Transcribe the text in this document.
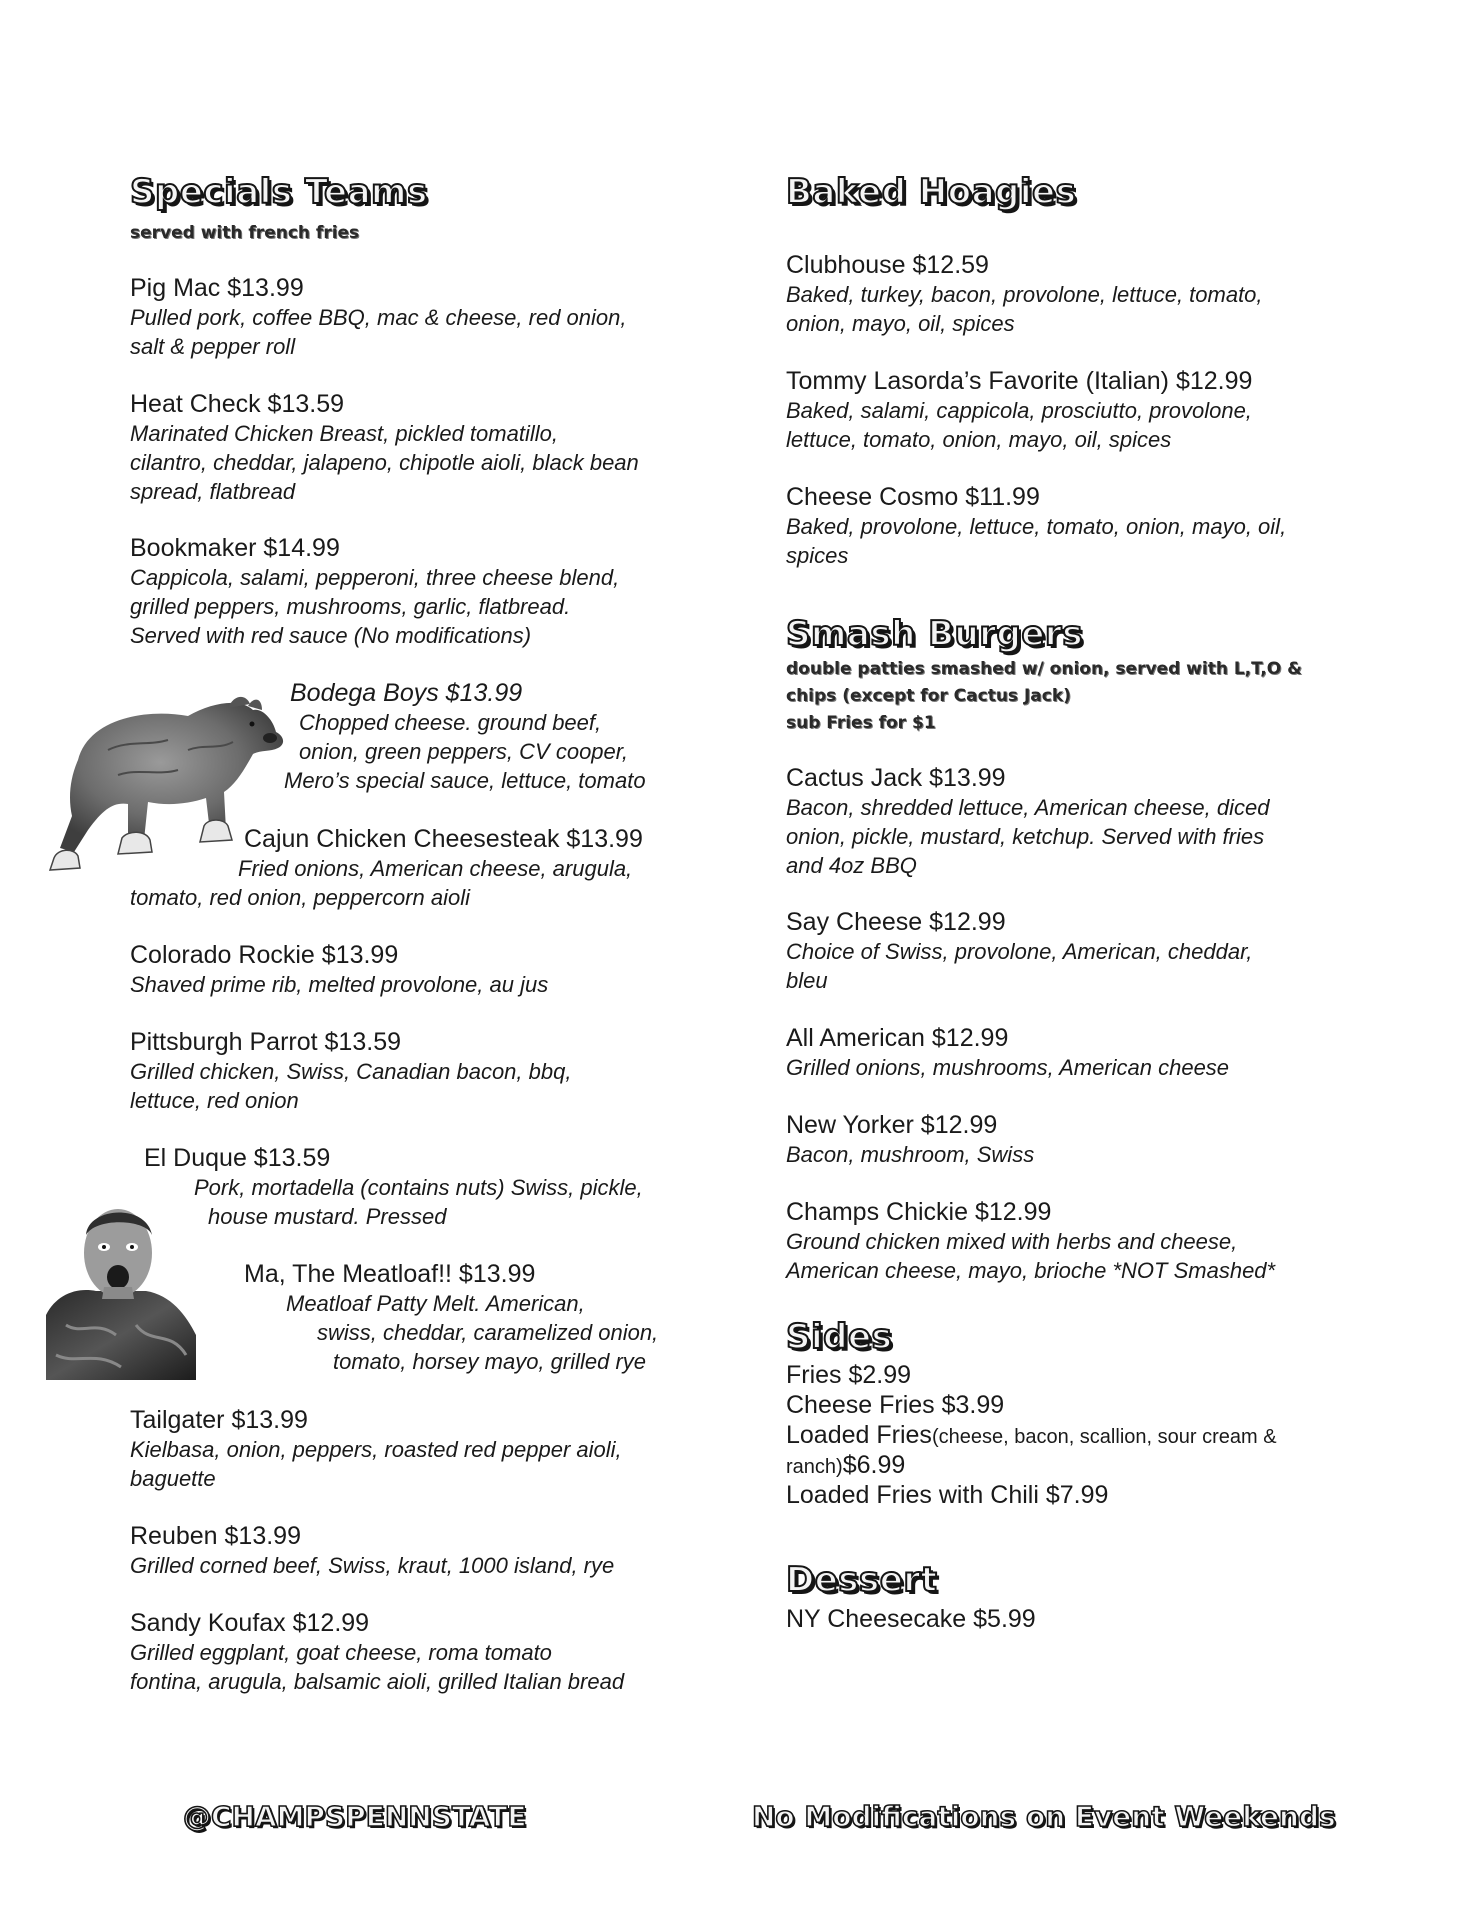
Specials Teams
served with french fries
Pig Mac $13.99
Pulled pork, coffee BBQ, mac & cheese, red onion,
salt & pepper roll
Heat Check $13.59
Marinated Chicken Breast, pickled tomatillo,
cilantro, cheddar, jalapeno, chipotle aioli, black bean
spread, flatbread
Bookmaker $14.99
Cappicola, salami, pepperoni, three cheese blend,
grilled peppers, mushrooms, garlic, flatbread.
Served with red sauce (No modifications)
Bodega Boys $13.99
Chopped cheese. ground beef,
onion, green peppers, CV cooper,
Mero’s special sauce, lettuce, tomato
Cajun Chicken Cheesesteak $13.99
Fried onions, American cheese, arugula,
tomato, red onion, peppercorn aioli
Colorado Rockie $13.99
Shaved prime rib, melted provolone, au jus
Pittsburgh Parrot $13.59
Grilled chicken, Swiss, Canadian bacon, bbq,
lettuce, red onion
El Duque $13.59
Pork, mortadella (contains nuts) Swiss, pickle,
house mustard. Pressed
Ma, The Meatloaf!! $13.99
Meatloaf Patty Melt. American,
swiss, cheddar, caramelized onion,
tomato, horsey mayo, grilled rye
Tailgater $13.99
Kielbasa, onion, peppers, roasted red pepper aioli,
baguette
Reuben $13.99
Grilled corned beef, Swiss, kraut, 1000 island, rye
Sandy Koufax $12.99
Grilled eggplant, goat cheese, roma tomato
fontina, arugula, balsamic aioli, grilled Italian bread
Baked Hoagies
Clubhouse $12.59
Baked, turkey, bacon, provolone, lettuce, tomato,
onion, mayo, oil, spices
Tommy Lasorda’s Favorite (Italian) $12.99
Baked, salami, cappicola, prosciutto, provolone,
lettuce, tomato, onion, mayo, oil, spices
Cheese Cosmo $11.99
Baked, provolone, lettuce, tomato, onion, mayo, oil,
spices
Smash Burgers
double patties smashed w/ onion, served with L,T,O &
chips (except for Cactus Jack)
sub Fries for $1
Cactus Jack $13.99
Bacon, shredded lettuce, American cheese, diced
onion, pickle, mustard, ketchup. Served with fries
and 4oz BBQ
Say Cheese $12.99
Choice of Swiss, provolone, American, cheddar,
bleu
All American $12.99
Grilled onions, mushrooms, American cheese
New Yorker $12.99
Bacon, mushroom, Swiss
Champs Chickie $12.99
Ground chicken mixed with herbs and cheese,
American cheese, mayo, brioche *NOT Smashed*
Sides
Fries $2.99
Cheese Fries $3.99
Loaded Fries(cheese, bacon, scallion, sour cream &
ranch)$6.99
Loaded Fries with Chili $7.99
Dessert
NY Cheesecake $5.99
@CHAMPSPENNSTATE	No Modifications on Event Weekends
